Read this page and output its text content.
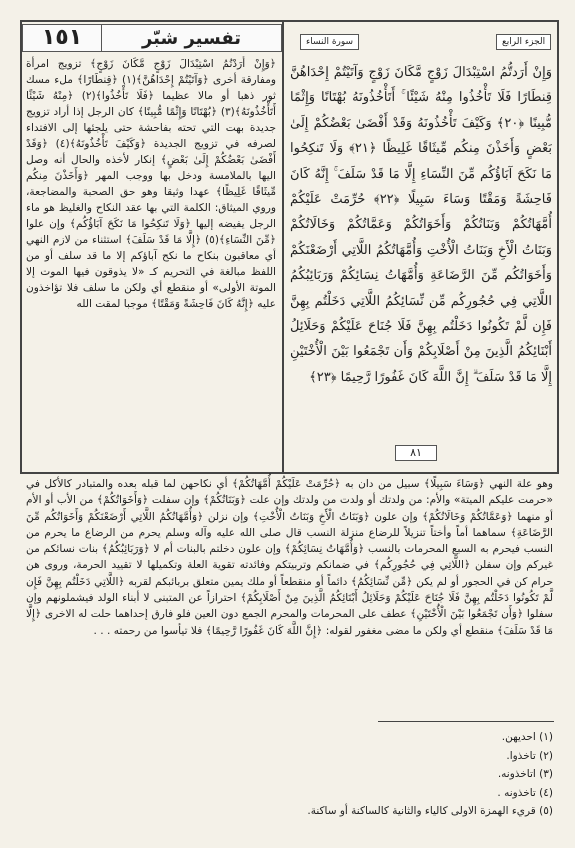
١٥١	تفسير شبّر	سورة النساء	الجزء الرابع

﴿وَإِنْ أَرَدْتُمُ اسْتِبْدَالَ زَوْجٍ مَّكَانَ زَوْجٍ﴾ تزويج امرأة ومفارقة أخرى ﴿وَآتَيْتُمْ إِحْدَاهُنَّ﴾(١) ﴿قِنطَارًا﴾ ملء مسك ثور ذهبا أو مالا عظيما ﴿فَلَا تَأْخُذُوا﴾(٢) ﴿مِنْهُ شَيْئًا أَتَأْخُذُونَهُ﴾(٣) ﴿بُهْتَانًا وَإِثْمًا مُّبِينًا﴾ كان الرجل إذا أراد تزويج جديدة بهت التي تحته بفاحشة حتى يلجئها إلى الافتداء لصرفه في تزويج الجديدة ﴿وَكَيْفَ تَأْخُذُونَهُ﴾(٤) ﴿وَقَدْ أَفْضَىٰ بَعْضُكُمْ إِلَىٰ بَعْضٍ﴾ إنكار لأخذه والحال أنه وصل اليها بالملامسة ودخل بها ووجب المهر ﴿وَأَخَذْنَ مِنكُم مِّيثَاقًا غَلِيظًا﴾ عهدا وثيقا وهو حق الصحبة والمضاجعة، وروي الميثاق: الكلمة التي بها عقد النكاح والغليظ هو ماء الرجل يفيضه إليها ﴿وَلَا تَنكِحُوا مَا نَكَحَ آبَاؤُكُم﴾ وإن علوا ﴿مِّنَ النِّسَاءِ﴾(٥) ﴿إِلَّا مَا قَدْ سَلَفَ﴾ استثناء من لازم النهي أي معاقبون بنكاح ما نكح آباؤكم إلا ما قد سلف أو من اللفظ مبالغة في التحريم كـ «لا يذوقون فيها الموت إلا الموتة الأولى» أو منقطع أي ولكن ما سلف فلا تؤاخذون عليه ﴿إِنَّهُ كَانَ فَاحِشَةً وَمَقْتًا﴾ موجبا لمقت الله

وَإِنْ أَرَدتُّمُ اسْتِبْدَالَ زَوْجٍ مَّكَانَ زَوْجٍ وَآتَيْتُمْ إِحْدَاهُنَّ قِنطَارًا فَلَا تَأْخُذُوا مِنْهُ شَيْئًا ۚ أَتَأْخُذُونَهُ بُهْتَانًا وَإِثْمًا مُّبِينًا ﴿٢٠﴾ وَكَيْفَ تَأْخُذُونَهُ وَقَدْ أَفْضَىٰ بَعْضُكُمْ إِلَىٰ بَعْضٍ وَأَخَذْنَ مِنكُم مِّيثَاقًا غَلِيظًا ﴿٢١﴾ وَلَا تَنكِحُوا مَا نَكَحَ آبَاؤُكُم مِّنَ النِّسَاءِ إِلَّا مَا قَدْ سَلَفَ ۚ إِنَّهُ كَانَ فَاحِشَةً وَمَقْتًا وَسَاءَ سَبِيلًا ﴿٢٢﴾ حُرِّمَتْ عَلَيْكُمْ أُمَّهَاتُكُمْ وَبَنَاتُكُمْ وَأَخَوَاتُكُمْ وَعَمَّاتُكُمْ وَخَالَاتُكُمْ وَبَنَاتُ الْأَخِ وَبَنَاتُ الْأُخْتِ وَأُمَّهَاتُكُمُ اللَّاتِي أَرْضَعْنَكُمْ وَأَخَوَاتُكُم مِّنَ الرَّضَاعَةِ وَأُمَّهَاتُ نِسَائِكُمْ وَرَبَائِبُكُمُ اللَّاتِي فِي حُجُورِكُم مِّن نِّسَائِكُمُ اللَّاتِي دَخَلْتُم بِهِنَّ فَإِن لَّمْ تَكُونُوا دَخَلْتُم بِهِنَّ فَلَا جُنَاحَ عَلَيْكُمْ وَحَلَائِلُ أَبْنَائِكُمُ الَّذِينَ مِنْ أَصْلَابِكُمْ وَأَن تَجْمَعُوا بَيْنَ الْأُخْتَيْنِ إِلَّا مَا قَدْ سَلَفَ ۗ إِنَّ اللَّهَ كَانَ غَفُورًا رَّحِيمًا ﴿٢٣﴾

٨١

وهو علة النهي ﴿وَسَاءَ سَبِيلًا﴾ سبيل من دان به ﴿حُرِّمَتْ عَلَيْكُمْ أُمَّهَاتُكُمْ﴾ أي نكاحهن لما قبله بعده والمتبادر كالأكل في «حرمت عليكم الميتة» والأم: من ولدتك أو ولدت من ولدتك وإن علت ﴿وَبَنَاتُكُمْ﴾ وإن سفلت ﴿وَأَخَوَاتُكُمْ﴾ من الأب أو الأم أو منهما ﴿وَعَمَّاتُكُمْ وَخَالَاتُكُمْ﴾ وإن علون ﴿وَبَنَاتُ الْأَخِ وَبَنَاتُ الْأُخْتِ﴾ وإن نزلن ﴿وَأُمَّهَاتُكُمُ اللَّاتِي أَرْضَعْنَكُمْ وَأَخَوَاتُكُم مِّنَ الرَّضَاعَةِ﴾ سماهما أماً وأختاً تنزيلاً للرضاع منزلة النسب قال صلى الله عليه وآله وسلم يحرم من الرضاع ما يحرم من النسب فيحرم به السبع المحرمات بالنسب ﴿وَأُمَّهَاتُ نِسَائِكُمْ﴾ وإن علون دخلتم بالبنات أم لا ﴿وَرَبَائِبُكُمُ﴾ بنات نسائكم من غيركم وإن سفلن ﴿اللَّاتِي فِي حُجُورِكُم﴾ في ضمانكم وتربيتكم وفائدته تقوية العلة وتكميلها لا تقييد الحرمة، وروى هن حرام كن في الحجور أو لم يكن ﴿مِّن نِّسَائِكُمُ﴾ دائماً أو منقطعاً أو ملك يمين متعلق بربائبكم لقربه ﴿اللَّاتِي دَخَلْتُم بِهِنَّ فَإِن لَّمْ تَكُونُوا دَخَلْتُم بِهِنَّ فَلَا جُنَاحَ عَلَيْكُمْ وَحَلَائِلُ أَبْنَائِكُمُ الَّذِينَ مِنْ أَصْلَابِكُمْ﴾ احترازاً عن المتبنى لا أبناء الولد فيشملونهم وإن سفلوا ﴿وَأَن تَجْمَعُوا بَيْنَ الْأُخْتَيْنِ﴾ عطف على المحرمات والمحرم الجمع دون العين فلو فارق إحداهما حلت له الاخرى ﴿إِلَّا مَا قَدْ سَلَفَ﴾ منقطع أي ولكن ما مضى مغفور لقوله: ﴿إِنَّ اللَّهَ كَانَ غَفُورًا رَّحِيمًا﴾ فلا تيأسوا من رحمته . . .

(١) احديهن.
(٢) تاخذوا.
(٣) اتاخذونه.
(٤) تاخذونه .
(٥) قريء الهمزة الاولى كالياء والثانية كالساكنة أو ساكنة.
